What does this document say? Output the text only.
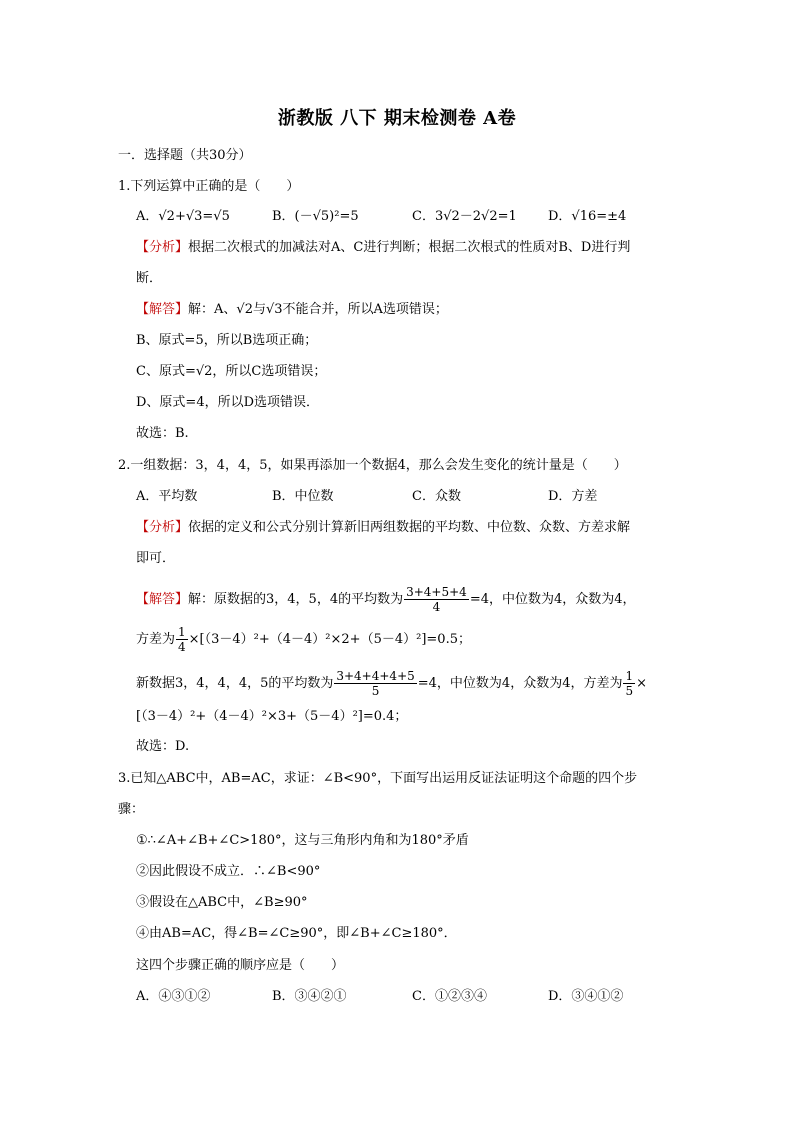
浙教版 八下 期末检测卷 A卷
一．选择题（共30分）
1.下列运算中正确的是（　　）
A．√2+√3=√5	B．(－√5)²=5	C．3√2－2√2=1 D．√16=±4
【分析】根据二次根式的加减法对A、C进行判断；根据二次根式的性质对B、D进行判
断．
【解答】解：A、√2与√3不能合并，所以A选项错误；
B、原式=5，所以B选项正确；
C、原式=√2，所以C选项错误；
D、原式=4，所以D选项错误．
故选：B.
2.一组数据：3，4，4，5，如果再添加一个数据4，那么会发生变化的统计量是（　　）
A．平均数	B．中位数	C．众数	D．方差
【分析】依据的定义和公式分别计算新旧两组数据的平均数、中位数、众数、方差求解
即可．
【解答】解：原数据的3，4，5，4的平均数为 $\frac{3+4+5+4}{4} =4$，中位数为4，众数为4，
方差为 $\frac{1}{4} \times[(3-4)^2+(4-4)^2\times 2+(5-4)^2]=0.5$；
新数据3，4，4，4，5的平均数为 $\frac{3+4+4+4+5}{5} =4$，中位数为4，众数为4，方差为 $\frac{1}{5}$ ×
[（3－4）²+（4－4）²×3+（5－4）²]=0.4；
故选：D.
3.已知△ABC中，AB=AC，求证：∠B<90°，下面写出运用反证法证明这个命题的四个步
骤：
①∴∠A+∠B+∠C>180°，这与三角形内角和为180°矛盾
②因此假设不成立．∴∠B<90°
③假设在△ABC中，∠B≥90°
④由AB=AC，得∠B=∠C≥90°，即∠B+∠C≥180°．
这四个步骤正确的顺序应是（　　）
A．④③①②	B．③④②①	C．①②③④	D．③④①②
